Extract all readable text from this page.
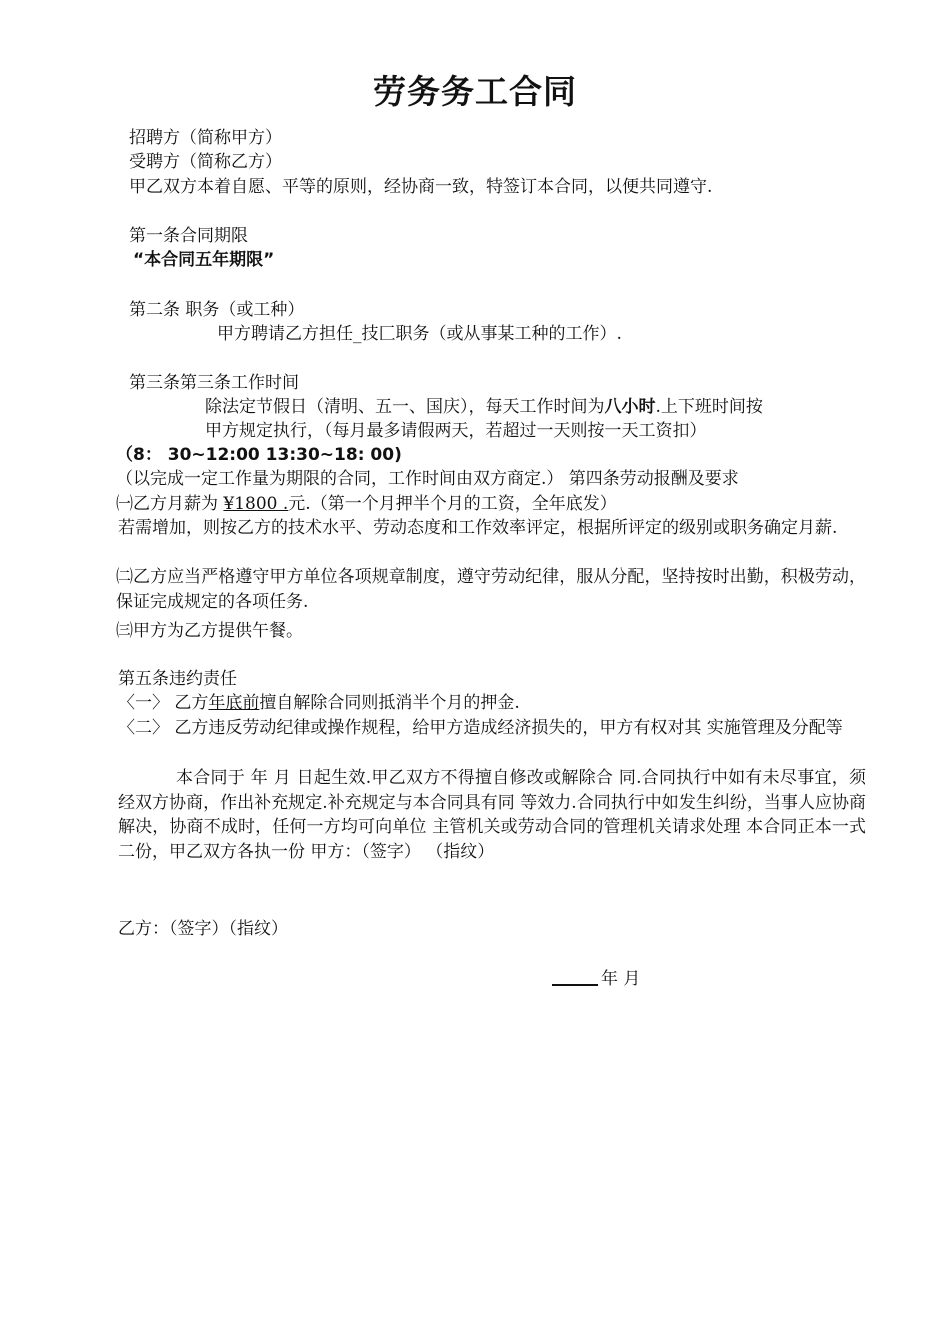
劳务务工合同
招聘方（简称甲方）
受聘方（简称乙方）
甲乙双方本着自愿、平等的原则，经协商一致，特签订本合同，以便共同遵守.
第一条合同期限
“本合同五年期限”
第二条 职务（或工种）
甲方聘请乙方担任_技匚职务（或从事某工种的工作）.
第三条第三条工作时间
除法定节假日（清明、五一、国庆），每天工作时间为八小时.上下班时间按
甲方规定执行，（每月最多请假两天，若超过一天则按一天工资扣）
（8： 30~12:00 13:30~18: 00)
（以完成一定工作量为期限的合同，工作时间由双方商定.） 第四条劳动报酬及要求
㈠乙方月薪为 ¥1800 .元.（第一个月押半个月的工资，全年底发）
若需增加，则按乙方的技术水平、劳动态度和工作效率评定，根据所评定的级别或职务确定月薪.
㈡乙方应当严格遵守甲方单位各项规章制度，遵守劳动纪律，服从分配，坚持按时出勤，积极劳动，保证完成规定的各项任务.
㈢甲方为乙方提供午餐。
第五条违约责任
〈一〉 乙方年底前擅自解除合同则抵消半个月的押金.
〈二〉 乙方违反劳动纪律或操作规程，给甲方造成经济损失的，甲方有权对其 实施管理及分配等
本合同于 年 月 日起生效.甲乙双方不得擅自修改或解除合 同.合同执行中如有未尽事宜，须经双方协商，作出补充规定.补充规定与本合同具有同 等效力.合同执行中如发生纠纷，当事人应协商解决，协商不成时，任何一方均可向单位 主管机关或劳动合同的管理机关请求处理 本合同正本一式二份，甲乙双方各执一份 甲方：（签字） （指纹）
乙方：（签字）（指纹）
年 月
